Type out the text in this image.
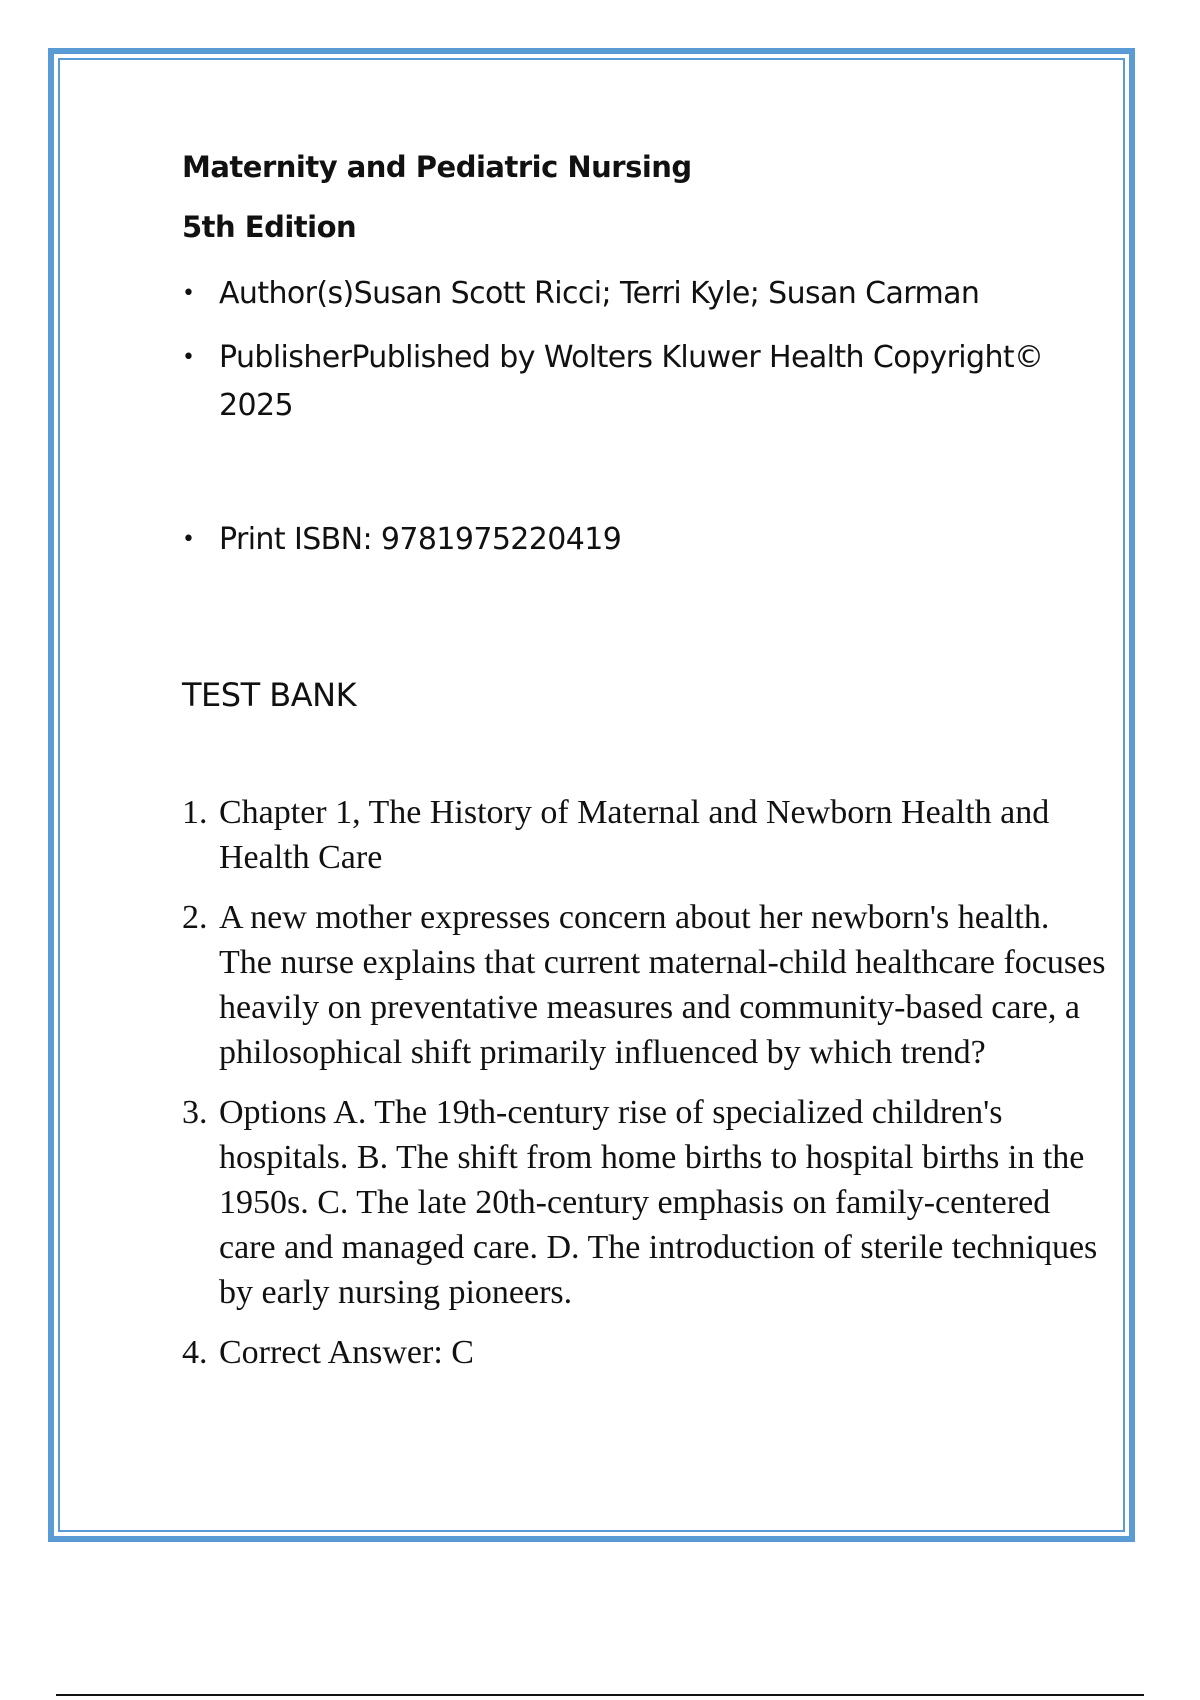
Maternity and Pediatric Nursing
5th Edition
• Author(s)Susan Scott Ricci; Terri Kyle; Susan Carman
• PublisherPublished by Wolters Kluwer Health Copyright© 2025
• Print ISBN: 9781975220419
TEST BANK
1. Chapter 1, The History of Maternal and Newborn Health and Health Care
2. A new mother expresses concern about her newborn's health. The nurse explains that current maternal-child healthcare focuses heavily on preventative measures and community-based care, a philosophical shift primarily influenced by which trend?
3. Options A. The 19th-century rise of specialized children's hospitals. B. The shift from home births to hospital births in the 1950s. C. The late 20th-century emphasis on family-centered care and managed care. D. The introduction of sterile techniques by early nursing pioneers.
4. Correct Answer: C
